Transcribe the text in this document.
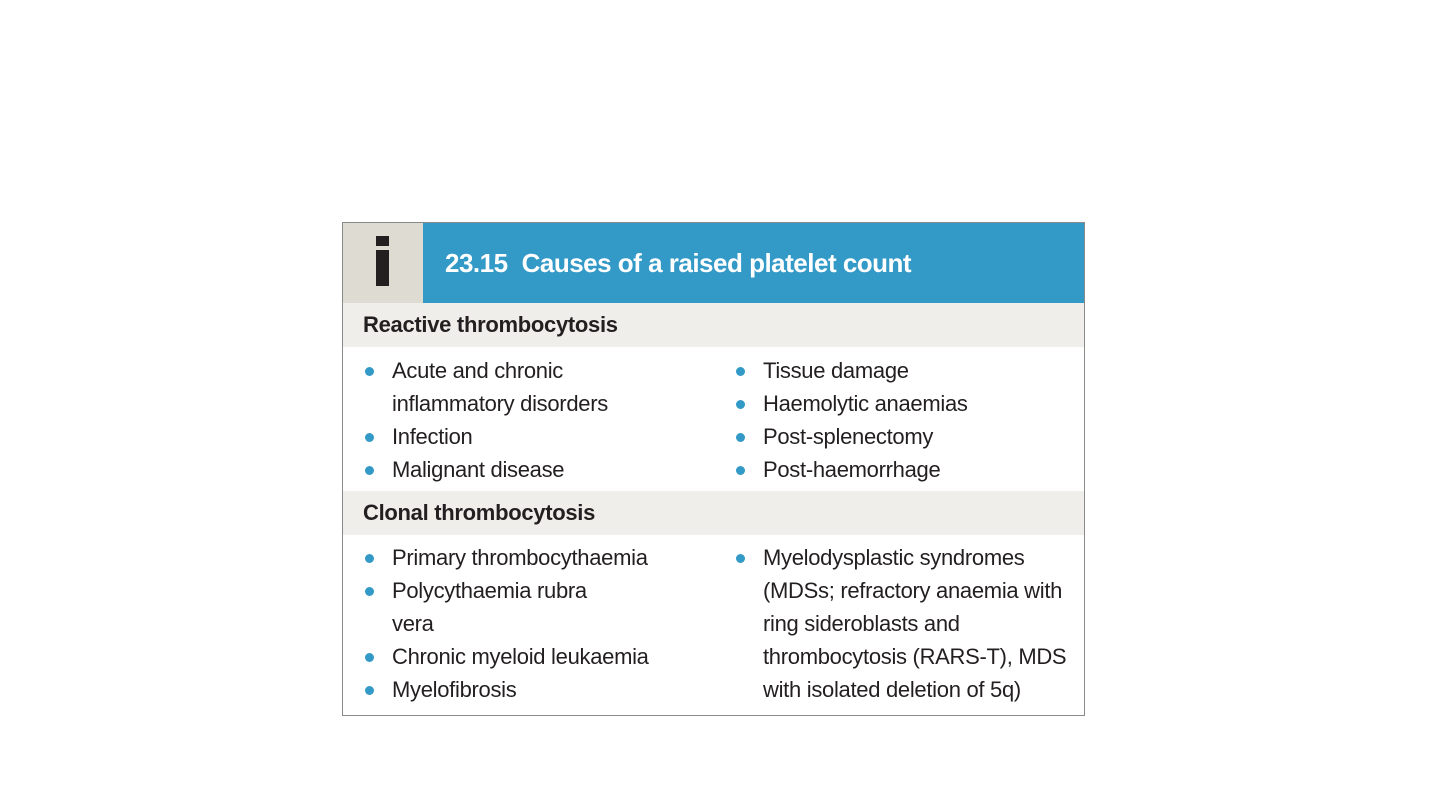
23.15 Causes of a raised platelet count
Reactive thrombocytosis
Acute and chronic inflammatory disorders
Infection
Malignant disease
Tissue damage
Haemolytic anaemias
Post-splenectomy
Post-haemorrhage
Clonal thrombocytosis
Primary thrombocythaemia
Polycythaemia rubra vera
Chronic myeloid leukaemia
Myelofibrosis
Myelodysplastic syndromes (MDSs; refractory anaemia with ring sideroblasts and thrombocytosis (RARS-T), MDS with isolated deletion of 5q)
